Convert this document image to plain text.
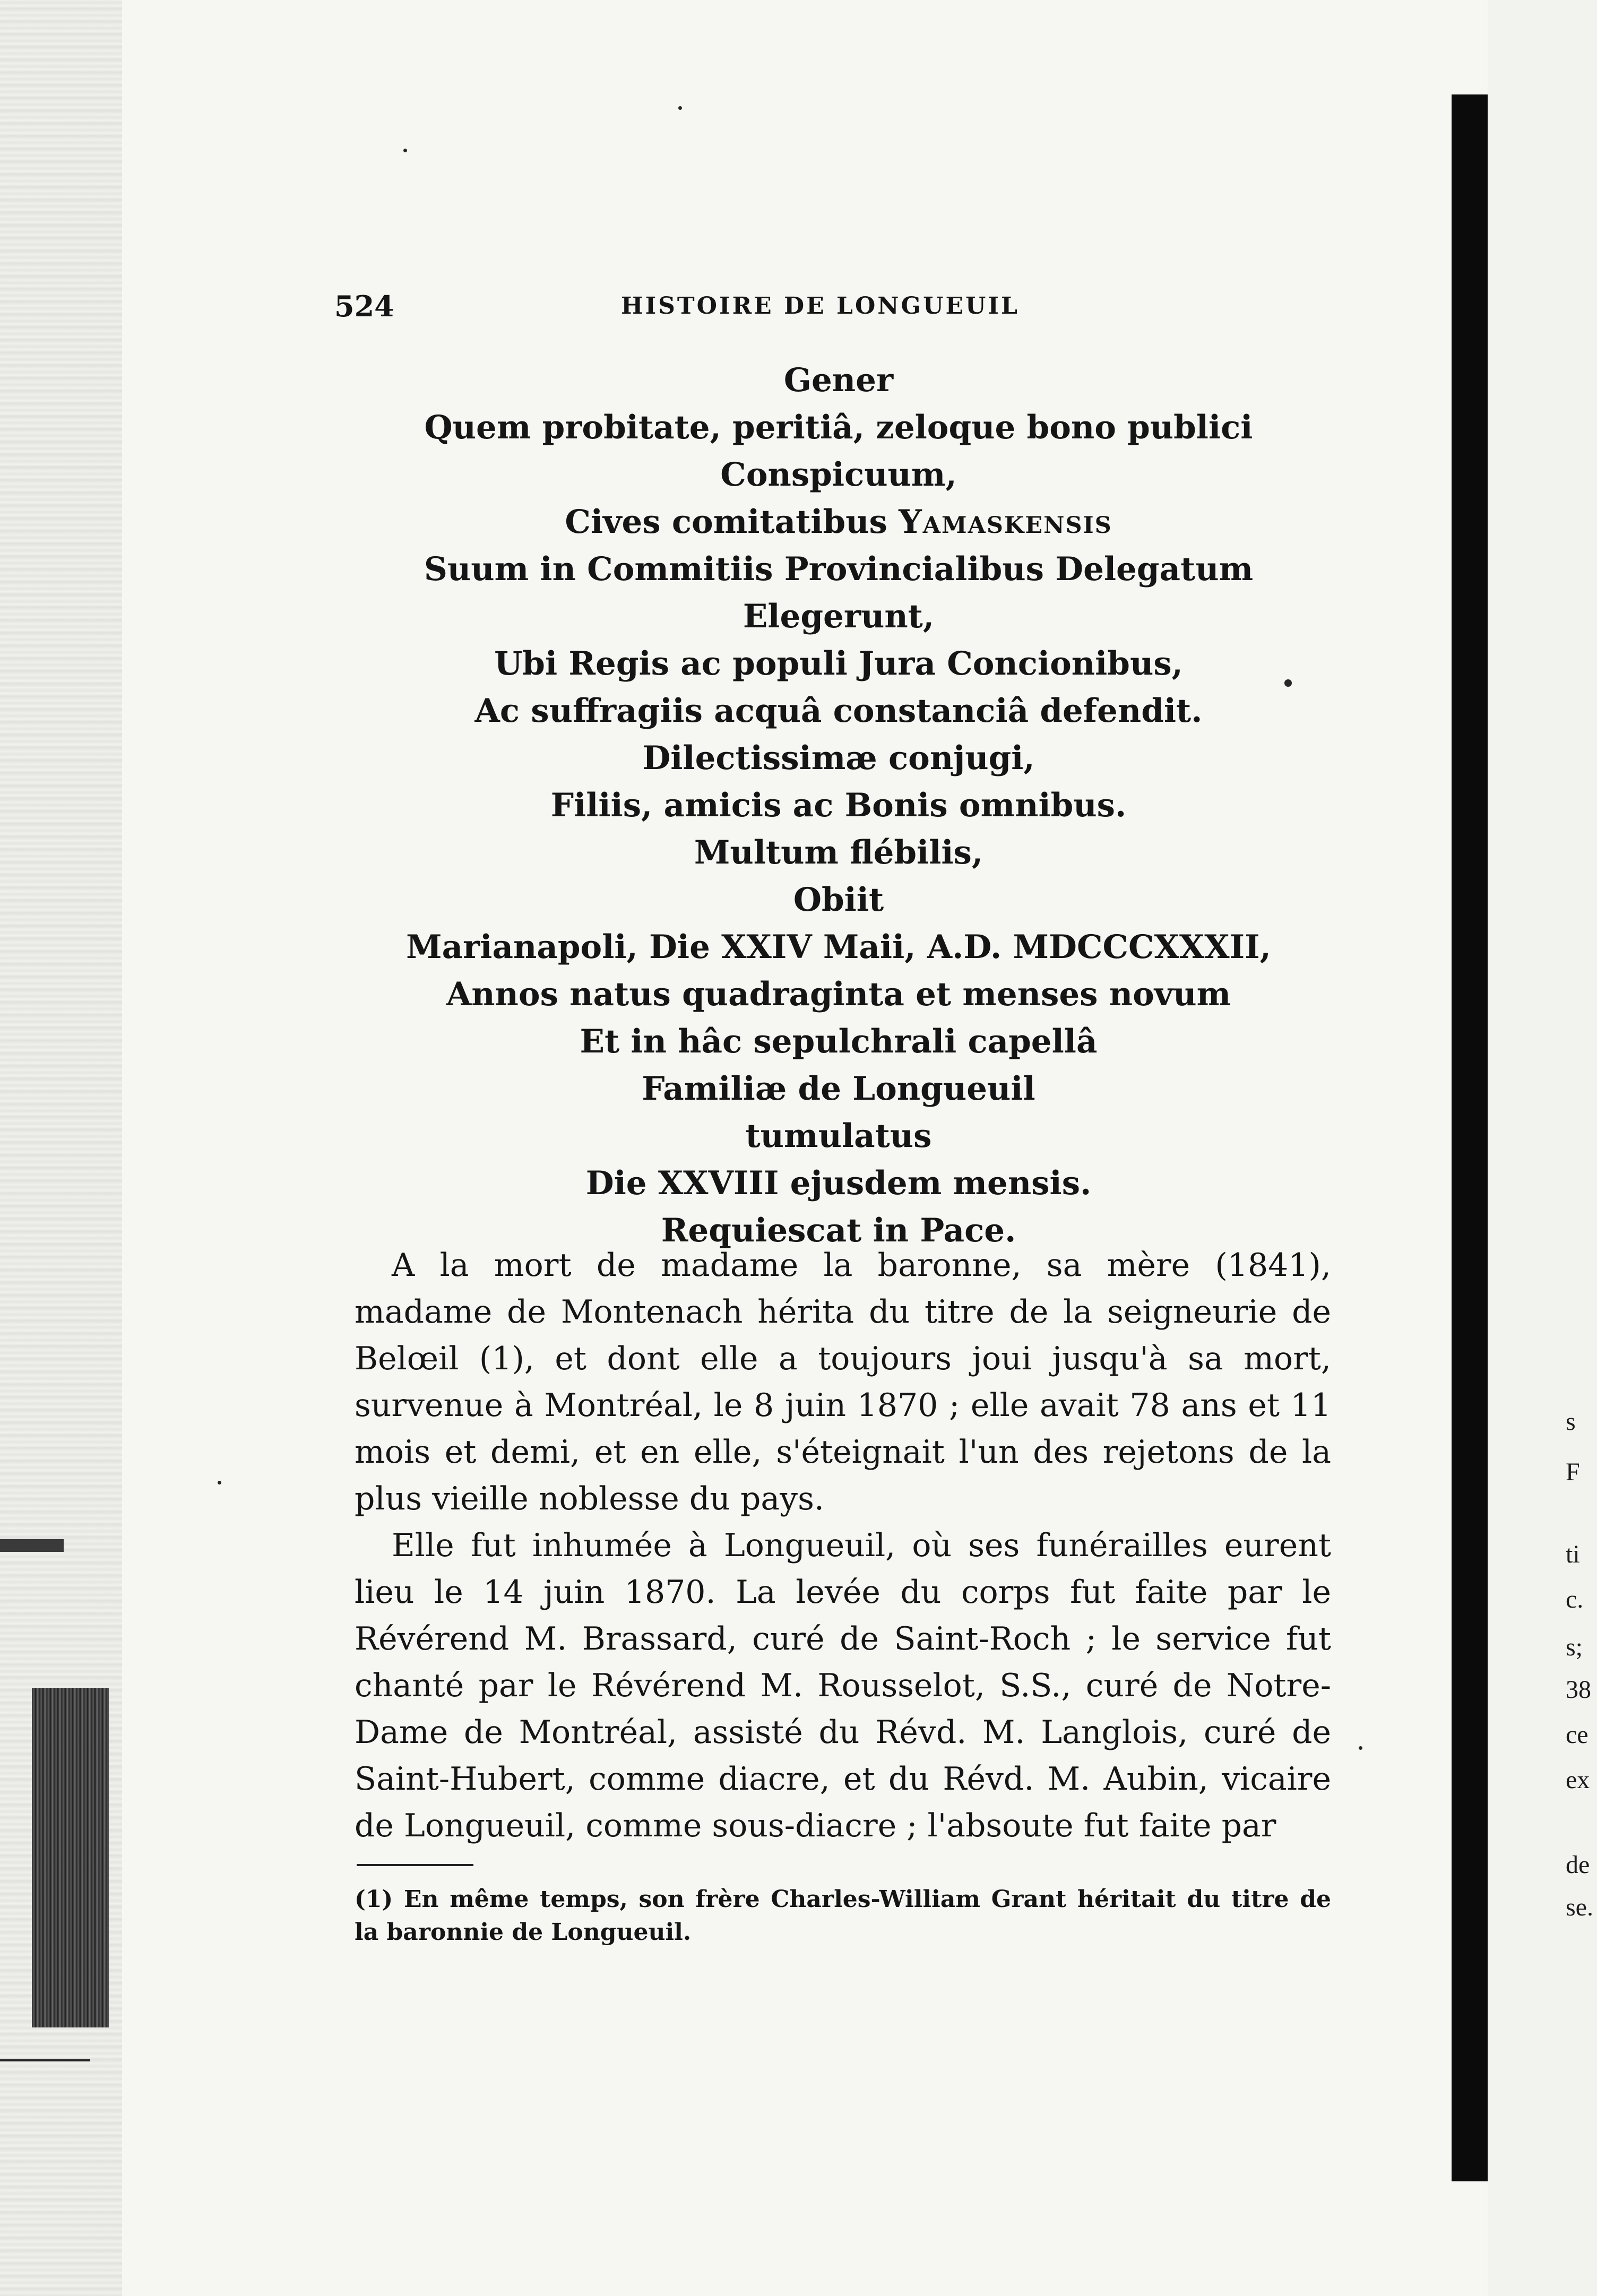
s
F
ti
c.
s;
38
ce
ex
de
se.
524	HISTOIRE DE LONGUEUIL
Gener
Quem probitate, peritiâ, zeloque bono publici
Conspicuum,
Cives comitatibus Yamaskensis
Suum in Commitiis Provincialibus Delegatum
Elegerunt,
Ubi Regis ac populi Jura Concionibus,
Ac suffragiis acquâ constanciâ defendit.
Dilectissimæ conjugi,
Filiis, amicis ac Bonis omnibus.
Multum flébilis,
Obiit
Marianapoli, Die XXIV Maii, A.D. MDCCCXXXII,
Annos natus quadraginta et menses novum
Et in hâc sepulchrali capellâ
Familiæ de Longueuil
tumulatus
Die XXVIII ejusdem mensis.
Requiescat in Pace.

A la mort de madame la baronne, sa mère (1841), madame de Montenach hérita du titre de la seigneurie de Belœil (1), et dont elle a toujours joui jusqu'à sa mort, survenue à Montréal, le 8 juin 1870 ; elle avait 78 ans et 11 mois et demi, et en elle, s'éteignait l'un des rejetons de la plus vieille noblesse du pays.

Elle fut inhumée à Longueuil, où ses funérailles eurent lieu le 14 juin 1870. La levée du corps fut faite par le Révérend M. Brassard, curé de Saint-Roch ; le service fut chanté par le Révérend M. Rousselot, S.S., curé de Notre-Dame de Montréal, assisté du Révd. M. Langlois, curé de Saint-Hubert, comme diacre, et du Révd. M. Aubin, vicaire de Longueuil, comme sous-diacre ; l'absoute fut faite par

(1) En même temps, son frère Charles-William Grant héritait du titre de la baronnie de Longueuil.
